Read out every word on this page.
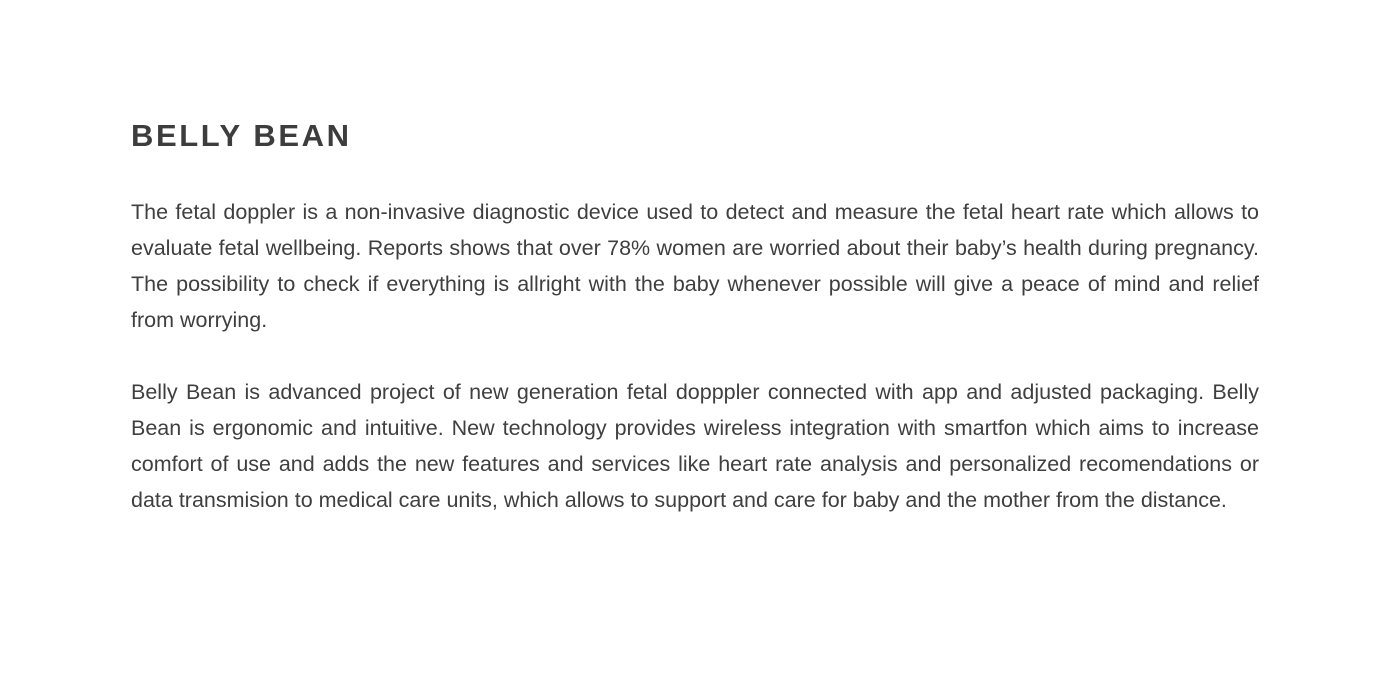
BELLY BEAN

The fetal doppler is a non-invasive diagnostic device used to detect and measure the fetal heart rate which allows to evaluate fetal wellbeing. Reports shows that over 78% women are worried about their baby’s health during pregnancy. The possibility to check if everything is allright with the baby whenever possible will give a peace of mind and relief from worrying.

Belly Bean is advanced project of new generation fetal dopppler connected with app and adjusted packaging. Belly Bean is ergonomic and intuitive. New technology provides wireless integration with smartfon which aims to increase comfort of use and adds the new features and services like heart rate analysis and personalized recomendations or data transmision to medical care units, which allows to support and care for baby and the mother from the distance.
